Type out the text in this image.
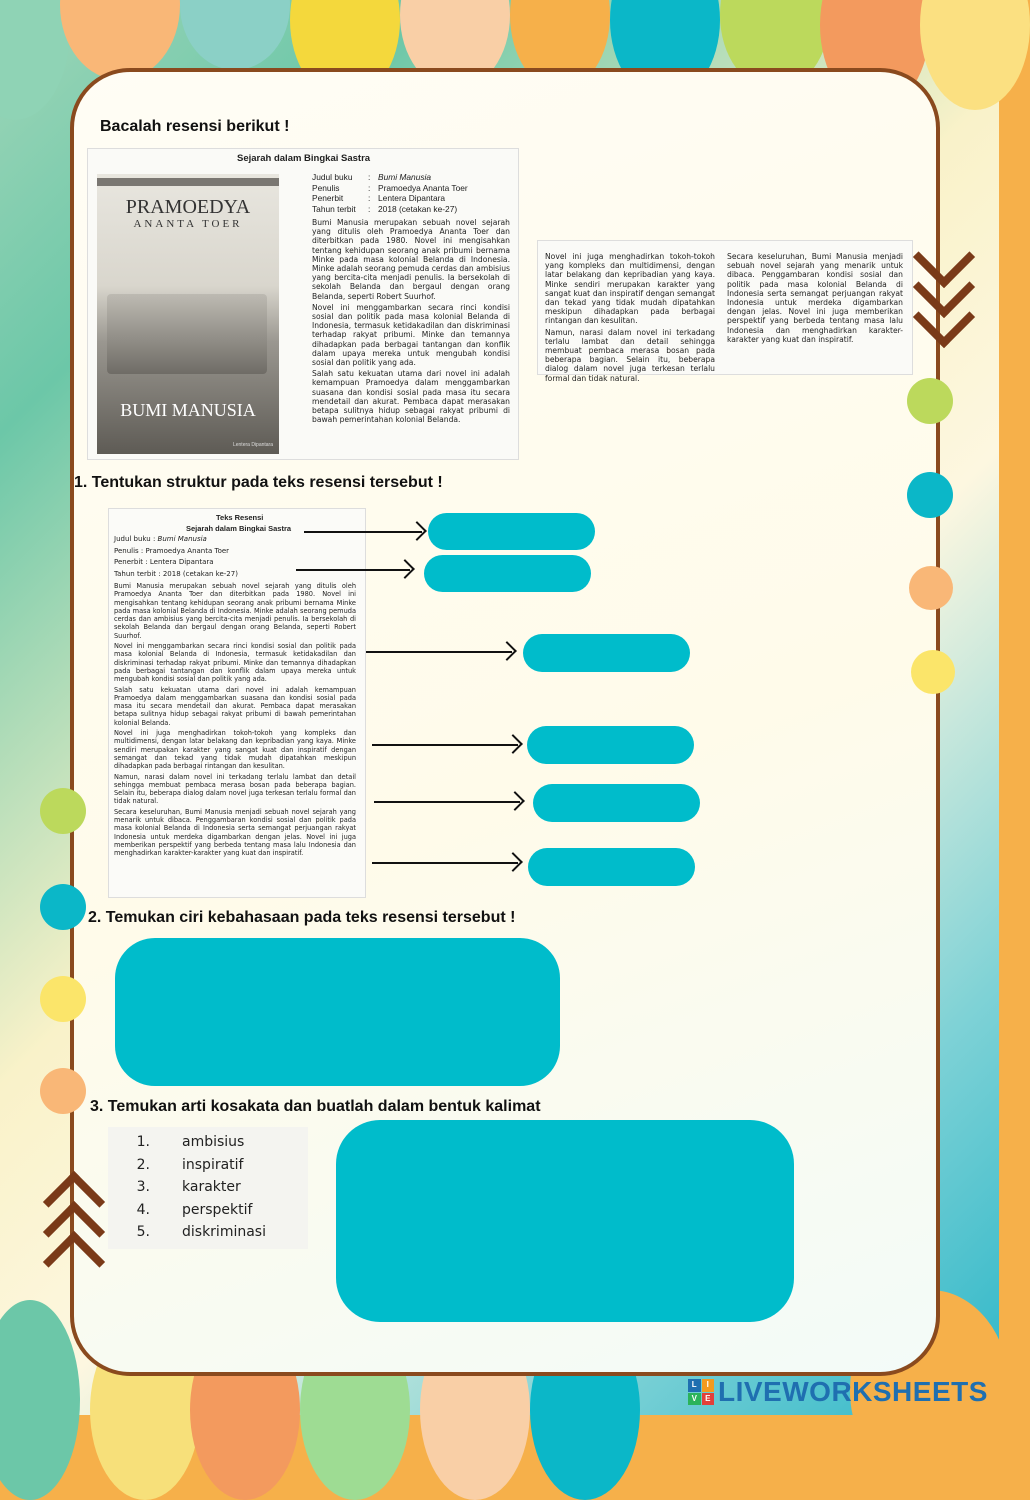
Bacalah resensi berikut !
PRAMOEDYA
ANANTA TOER
BUMI MANUSIA
Lentera Dipantara
Sejarah dalam Bingkai Sastra
Judul buku	: Bumi Manusia
Penulis	: Pramoedya Ananta Toer
Penerbit	: Lentera Dipantara
Tahun terbit	: 2018 (cetakan ke-27)

Bumi Manusia merupakan sebuah novel sejarah yang ditulis oleh Pramoedya Ananta Toer dan diterbitkan pada 1980. Novel ini mengisahkan tentang kehidupan seorang anak pribumi bernama Minke pada masa kolonial Belanda di Indonesia. Minke adalah seorang pemuda cerdas dan ambisius yang bercita-cita menjadi penulis. Ia bersekolah di sekolah Belanda dan bergaul dengan orang Belanda, seperti Robert Suurhof.

Novel ini menggambarkan secara rinci kondisi sosial dan politik pada masa kolonial Belanda di Indonesia, termasuk ketidakadilan dan diskriminasi terhadap rakyat pribumi. Minke dan temannya dihadapkan pada berbagai tantangan dan konflik dalam upaya mereka untuk mengubah kondisi sosial dan politik yang ada.

Salah satu kekuatan utama dari novel ini adalah kemampuan Pramoedya dalam menggambarkan suasana dan kondisi sosial pada masa itu secara mendetail dan akurat. Pembaca dapat merasakan betapa sulitnya hidup sebagai rakyat pribumi di bawah pemerintahan kolonial Belanda.

Novel ini juga menghadirkan tokoh-tokoh yang kompleks dan multidimensi, dengan latar belakang dan kepribadian yang kaya. Minke sendiri merupakan karakter yang sangat kuat dan inspiratif dengan semangat dan tekad yang tidak mudah dipatahkan meskipun dihadapkan pada berbagai rintangan dan kesulitan.

Namun, narasi dalam novel ini terkadang terlalu lambat dan detail sehingga membuat pembaca merasa bosan pada beberapa bagian. Selain itu, beberapa dialog dalam novel juga terkesan terlalu formal dan tidak natural.

Secara keseluruhan, Bumi Manusia menjadi sebuah novel sejarah yang menarik untuk dibaca. Penggambaran kondisi sosial dan politik pada masa kolonial Belanda di Indonesia serta semangat perjuangan rakyat Indonesia untuk merdeka digambarkan dengan jelas. Novel ini juga memberikan perspektif yang berbeda tentang masa lalu Indonesia dan menghadirkan karakter-karakter yang kuat dan inspiratif.

1. Tentukan struktur pada teks resensi tersebut !
Teks Resensi
Sejarah dalam Bingkai Sastra
Judul buku : Bumi Manusia
Penulis : Pramoedya Ananta Toer
Penerbit : Lentera Dipantara
Tahun terbit : 2018 (cetakan ke-27)

Bumi Manusia merupakan sebuah novel sejarah yang ditulis oleh Pramoedya Ananta Toer dan diterbitkan pada 1980. Novel ini mengisahkan tentang kehidupan seorang anak pribumi bernama Minke pada masa kolonial Belanda di Indonesia. Minke adalah seorang pemuda cerdas dan ambisius yang bercita-cita menjadi penulis. Ia bersekolah di sekolah Belanda dan bergaul dengan orang Belanda, seperti Robert Suurhof.

Novel ini menggambarkan secara rinci kondisi sosial dan politik pada masa kolonial Belanda di Indonesia, termasuk ketidakadilan dan diskriminasi terhadap rakyat pribumi. Minke dan temannya dihadapkan pada berbagai tantangan dan konflik dalam upaya mereka untuk mengubah kondisi sosial dan politik yang ada.

Salah satu kekuatan utama dari novel ini adalah kemampuan Pramoedya dalam menggambarkan suasana dan kondisi sosial pada masa itu secara mendetail dan akurat. Pembaca dapat merasakan betapa sulitnya hidup sebagai rakyat pribumi di bawah pemerintahan kolonial Belanda.

Novel ini juga menghadirkan tokoh-tokoh yang kompleks dan multidimensi, dengan latar belakang dan kepribadian yang kaya. Minke sendiri merupakan karakter yang sangat kuat dan inspiratif dengan semangat dan tekad yang tidak mudah dipatahkan meskipun dihadapkan pada berbagai rintangan dan kesulitan.

Namun, narasi dalam novel ini terkadang terlalu lambat dan detail sehingga membuat pembaca merasa bosan pada beberapa bagian. Selain itu, beberapa dialog dalam novel juga terkesan terlalu formal dan tidak natural.

Secara keseluruhan, Bumi Manusia menjadi sebuah novel sejarah yang menarik untuk dibaca. Penggambaran kondisi sosial dan politik pada masa kolonial Belanda di Indonesia serta semangat perjuangan rakyat Indonesia untuk merdeka digambarkan dengan jelas. Novel ini juga memberikan perspektif yang berbeda tentang masa lalu Indonesia dan menghadirkan karakter-karakter yang kuat dan inspiratif.

2. Temukan ciri kebahasaan pada teks resensi tersebut !
3. Temukan arti kosakata dan buatlah dalam bentuk kalimat
1. ambisius
2. inspiratif
3. karakter
4. perspektif
5. diskriminasi
L	I
V	E LIVEWORKSHEETS
